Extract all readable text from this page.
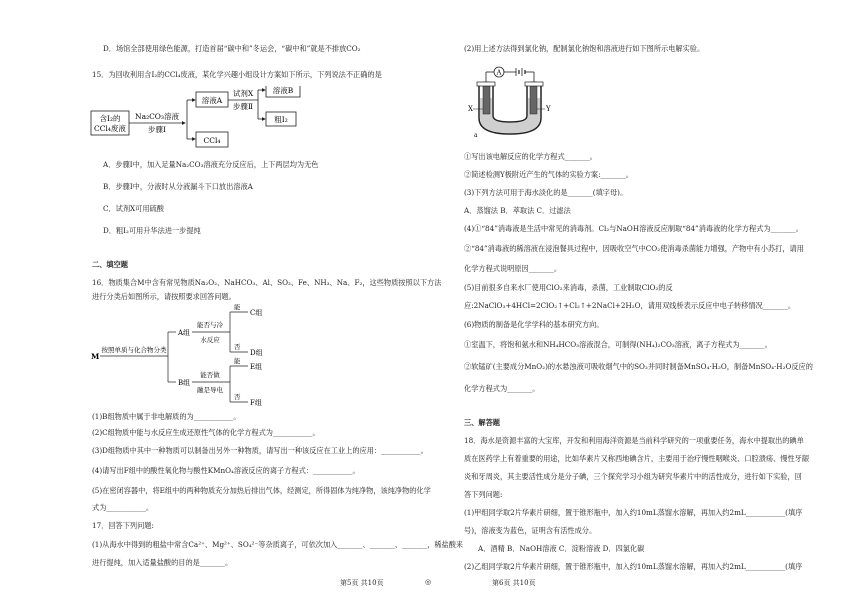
D．场馆全部使用绿色能源，打造首届“碳中和”冬运会，“碳中和”就是不排放CO₂
15．为回收利用含I₂的CCl₄废液，某化学兴趣小组设计方案如下所示，下列说法不正确的是
含I₂的
CCl₄废液
Na₂CO₃溶液
步骤Ⅰ
溶液A
CCl₄
试剂X
步骤Ⅱ
溶液B
粗I₂
A．步骤Ⅰ中，加入足量Na₂CO₃溶液充分反应后，上下两层均为无色
B．步骤Ⅰ中，分液时从分液漏斗下口放出溶液A
C．试剂X可用硫酸
D．粗I₂可用升华法进一步提纯
二、填空题
16．物质集合M中含有常见物质Na₂O₂、NaHCO₃、Al、SO₂、Fe、NH₃、Na、F₂，这些物质按照以下方法
进行分类后如图所示，请按照要求回答问题。
M
按照单质与化合物分类
A组
B组
能否与冷
水反应
能
否
C组
D组
能否做
融是导电
能
否
E组
F组
(1)B组物质中属于非电解质的为___________。
(2)C组物质中能与水反应生成还原性气体的化学方程式为___________。
(3)D组物质中其中一种物质可以制备出另外一种物质，请写出一种该反应在工业上的应用：___________。
(4)请写出F组中的酸性氧化物与酸性KMnO₄溶液反应的离子方程式：___________。
(5)在密闭容器中，将E组中的两种物质充分加热后排出气体，经测定，所得固体为纯净物，该纯净物的化学
式为___________。
17．回答下列问题:
(1)从海水中得到的粗盐中常含Ca²⁺、Mg²⁺、SO₄²⁻等杂质离子，可依次加入_______、_______、_______，稀盐酸来
进行提纯，加入适量盐酸的目的是_______。
第5页 共10页	◎
(2)用上述方法得到氯化钠，配制氯化钠饱和溶液进行如下图所示电解实验。
A
X	Y
a
①写出该电解反应的化学方程式_______。
②简述检测Y极附近产生的气体的实验方案:_______。
(3)下列方法可用于海水淡化的是_______(填字母)。
A．蒸馏法 B．萃取法 C．过滤法
(4)①“84”消毒液是生活中常见的消毒剂。Cl₂与NaOH溶液反应制取“84”消毒液的化学方程式为_______。
②“84”消毒液的稀溶液在浸泡餐具过程中，因吸收空气中CO₂使消毒杀菌能力增强，产物中有小苏打，请用
化学方程式说明原因_______。
(5)目前很多自来水厂使用ClO₂来消毒，杀菌，工业制取ClO₂的反
应:2NaClO₃+4HCl=2ClO₂↑+Cl₂↑+2NaCl+2H₂O，请用双线桥表示反应中电子转移情况_______。
(6)物质的制备是化学学科的基本研究方向。
①室温下，将饱和氨水和NH₄HCO₃溶液混合，可制得(NH₄)₂CO₃溶液，离子方程式为_______。
②软锰矿(主要成分MnO₂)的水悬浊液可吸收烟气中的SO₂并同时制备MnSO₄·H₂O，制备MnSO₄·H₂O反应的
化学方程式为_______。
三、解答题
18．海水是资源丰富的大宝库，开发和利用海洋资源是当前科学研究的一项重要任务，海水中提取出的碘单
质在医药学上有着重要的用途，比如华素片又称西地碘含片，主要用于治疗慢性咽喉炎、口腔溃疡、慢性牙龈
炎和牙周炎，其主要活性成分是分子碘，三个探究学习小组为研究华素片中的活性成分，进行如下实验，回
答下列问题:
(1)甲组同学取2片华素片研细，置于锥形瓶中，加入约10mL蒸馏水溶解，再加入约2mL___________(填序
号)，溶液变为蓝色，证明含有活性成分。
A．酒精 B．NaOH溶液 C．淀粉溶液 D．四氯化碳
(2)乙组同学取2片华素片研细，置于锥形瓶中，加入约10mL蒸馏水溶解，再加入约2mL___________(填序
第6页 共10页
